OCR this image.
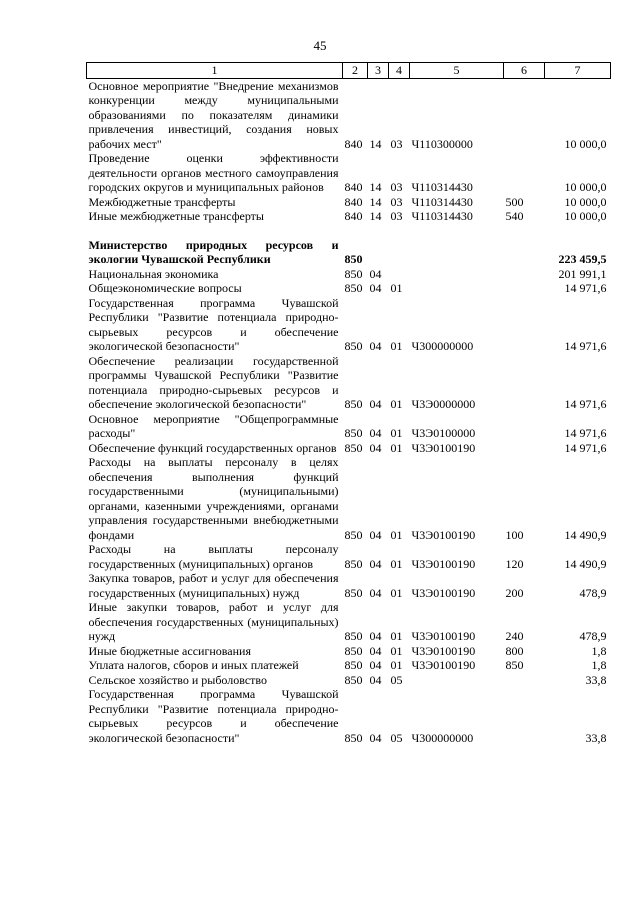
45
1	2	3	4	5	6	7
Основное мероприятие "Внедрение механизмов конкуренции между муниципальными образованиями по показателям динамики привлечения инвестиций, создания новых рабочих мест"	840	14	03	Ч110300000		10 000,0
Проведение оценки эффективности деятельности органов местного самоуправления городских округов и муниципальных районов	840	14	03	Ч110314430		10 000,0
Межбюджетные трансферты	840	14	03	Ч110314430	500	10 000,0
Иные межбюджетные трансферты	840	14	03	Ч110314430	540	10 000,0

Министерство природных ресурсов и экологии Чувашской Республики	850					223 459,5
Национальная экономика	850	04				201 991,1
Общеэкономические вопросы	850	04	01			14 971,6
Государственная программа Чувашской Республики "Развитие потенциала природно-сырьевых ресурсов и обеспечение экологической безопасности"	850	04	01	Ч300000000		14 971,6
Обеспечение реализации государственной программы Чувашской Республики "Развитие потенциала природно-сырьевых ресурсов и обеспечение экологической безопасности"	850	04	01	Ч3Э0000000		14 971,6
Основное мероприятие "Общепрограммные расходы"	850	04	01	Ч3Э0100000		14 971,6
Обеспечение функций государственных органов	850	04	01	Ч3Э0100190		14 971,6
Расходы на выплаты персоналу в целях обеспечения выполнения функций государственными (муниципальными) органами, казенными учреждениями, органами управления государственными внебюджетными фондами	850	04	01	Ч3Э0100190	100	14 490,9
Расходы на выплаты персоналу государственных (муниципальных) органов	850	04	01	Ч3Э0100190	120	14 490,9
Закупка товаров, работ и услуг для обеспечения государственных (муниципальных) нужд	850	04	01	Ч3Э0100190	200	478,9
Иные закупки товаров, работ и услуг для обеспечения государственных (муниципальных) нужд	850	04	01	Ч3Э0100190	240	478,9
Иные бюджетные ассигнования	850	04	01	Ч3Э0100190	800	1,8
Уплата налогов, сборов и иных платежей	850	04	01	Ч3Э0100190	850	1,8
Сельское хозяйство и рыболовство	850	04	05			33,8
Государственная программа Чувашской Республики "Развитие потенциала природно-сырьевых ресурсов и обеспечение экологической безопасности"	850	04	05	Ч300000000		33,8
